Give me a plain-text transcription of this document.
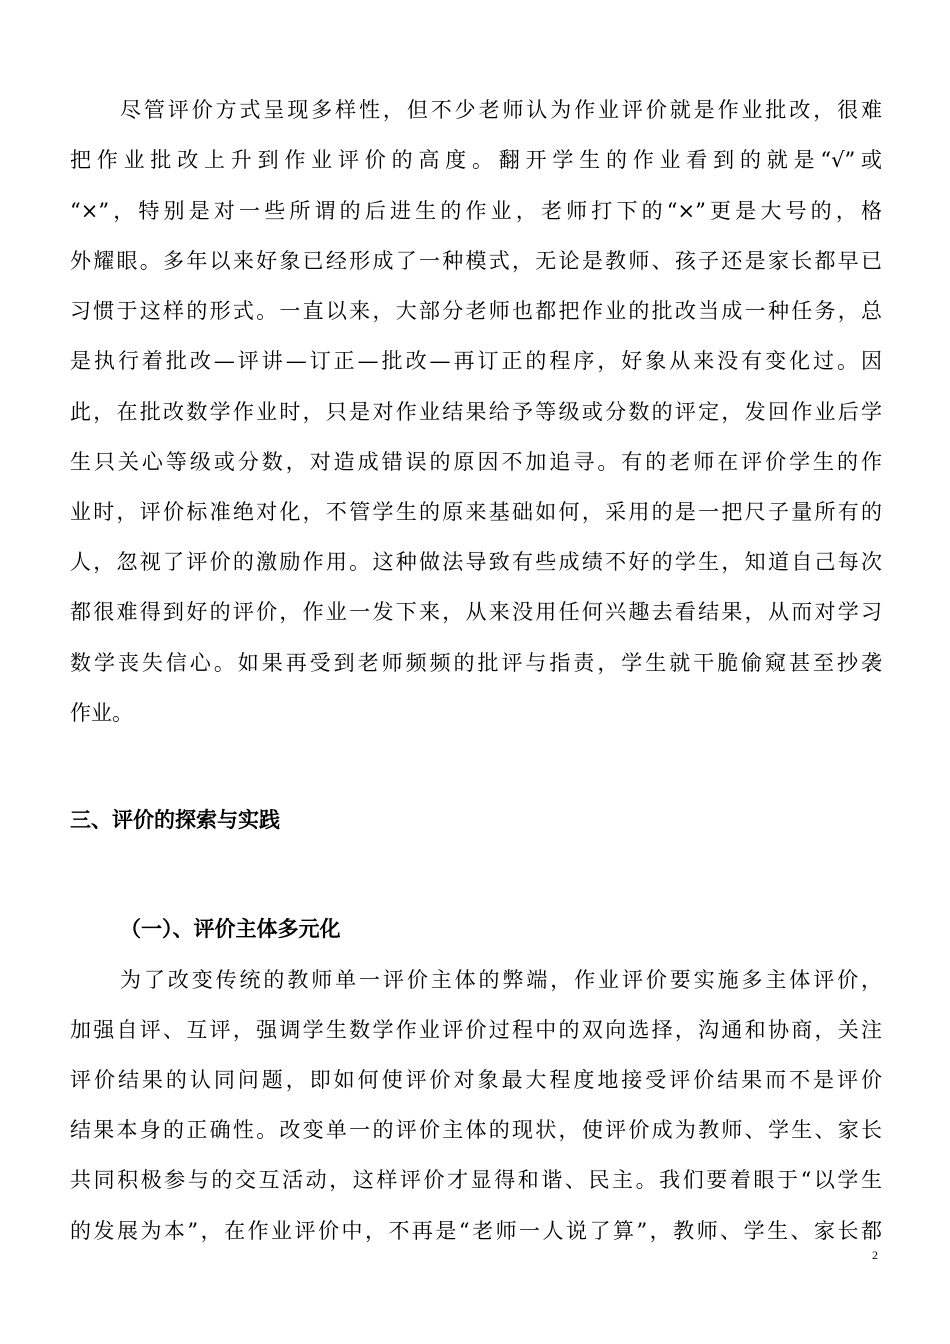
尽管评价方式呈现多样性，但不少老师认为作业评价就是作业批改，很难
把作业批改上升到作业评价的高度。翻开学生的作业看到的就是“√”或
“×”，特别是对一些所谓的后进生的作业，老师打下的“×”更是大号的，格
外耀眼。多年以来好象已经形成了一种模式，无论是教师、孩子还是家长都早已
习惯于这样的形式。一直以来，大部分老师也都把作业的批改当成一种任务，总
是执行着批改—评讲—订正—批改—再订正的程序，好象从来没有变化过。因
此，在批改数学作业时，只是对作业结果给予等级或分数的评定，发回作业后学
生只关心等级或分数，对造成错误的原因不加追寻。有的老师在评价学生的作
业时，评价标准绝对化，不管学生的原来基础如何，采用的是一把尺子量所有的
人，忽视了评价的激励作用。这种做法导致有些成绩不好的学生，知道自己每次
都很难得到好的评价，作业一发下来，从来没用任何兴趣去看结果，从而对学习
数学丧失信心。如果再受到老师频频的批评与指责，学生就干脆偷窥甚至抄袭
作业。
三、评价的探索与实践
（一）、评价主体多元化
为了改变传统的教师单一评价主体的弊端，作业评价要实施多主体评价，
加强自评、互评，强调学生数学作业评价过程中的双向选择，沟通和协商，关注
评价结果的认同问题，即如何使评价对象最大程度地接受评价结果而不是评价
结果本身的正确性。改变单一的评价主体的现状，使评价成为教师、学生、家长
共同积极参与的交互活动，这样评价才显得和谐、民主。我们要着眼于“以学生
的发展为本”，在作业评价中，不再是“老师一人说了算”，教师、学生、家长都
2
